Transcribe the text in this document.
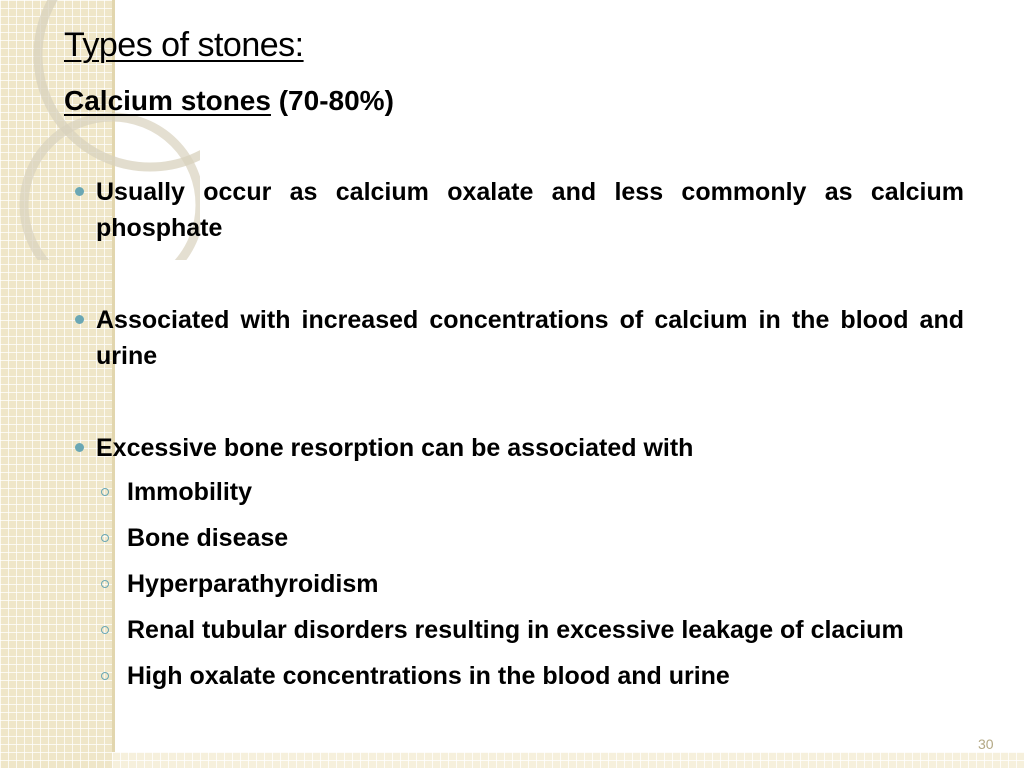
Types of stones:
Calcium stones (70-80%)
Usually occur as calcium oxalate and less commonly as calcium phosphate
Associated with increased concentrations of calcium in the blood and urine
Excessive bone resorption can be associated with
Immobility
Bone disease
Hyperparathyroidism
Renal tubular disorders resulting in excessive leakage of clacium
High oxalate concentrations in the blood and urine
30
